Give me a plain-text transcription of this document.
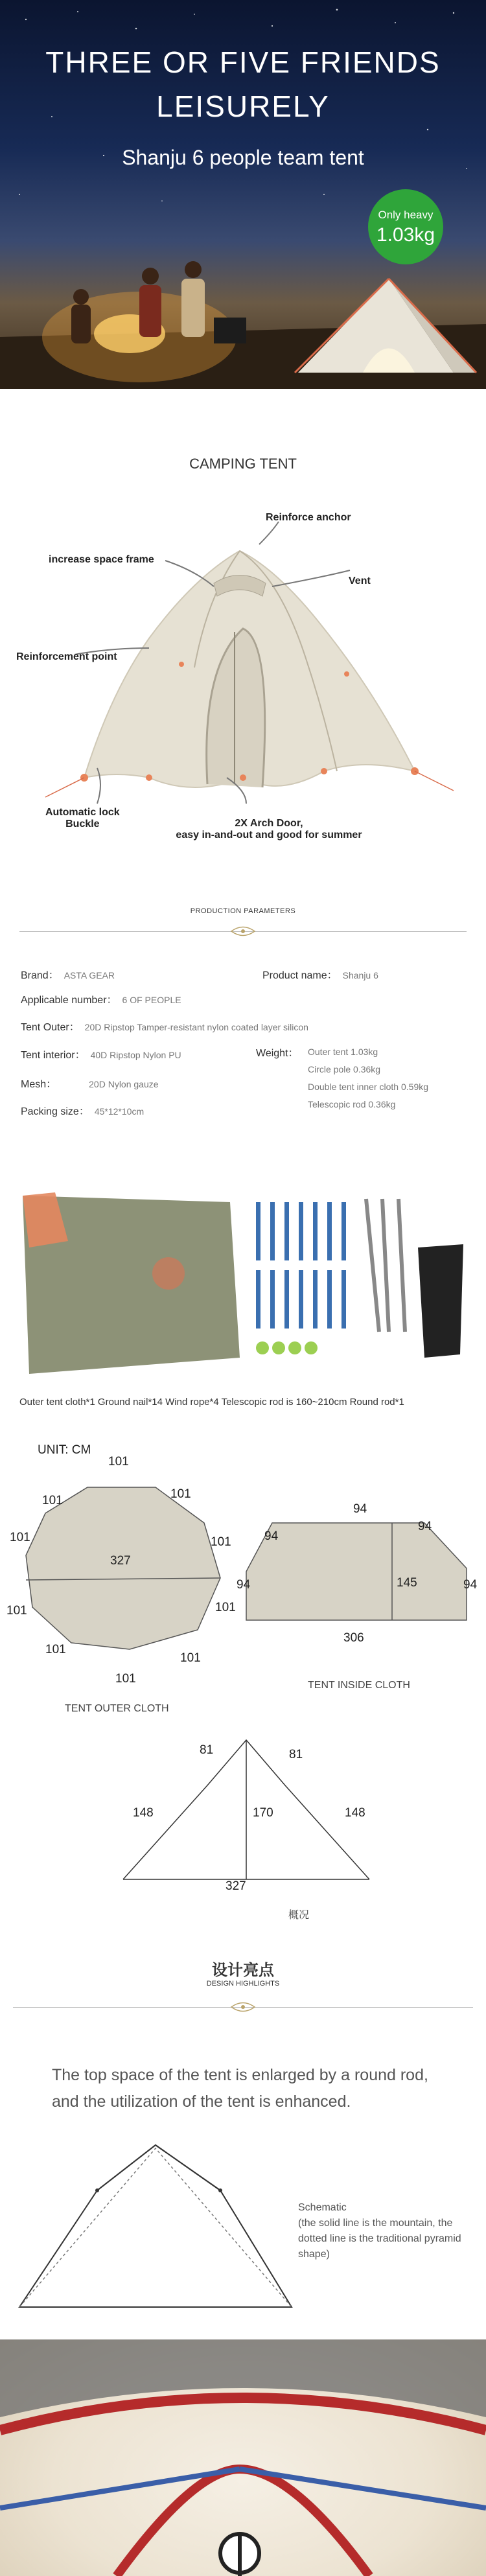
THREE OR FIVE FRIENDS
LEISURELY
Shanju 6 people team tent
Only heavy
1.03kg
CAMPING TENT
Reinforce anchor
increase space frame
Vent
Reinforcement point
Automatic lock
Buckle	2X Arch Door,
easy in-and-out and good for summer
PRODUCTION PARAMETERS
Brand： ASTA GEAR	Product name： Shanju 6
Applicable number： 6 OF PEOPLE
Tent Outer： 20D Ripstop Tamper-resistant nylon coated layer silicon
Tent interior： 40D Ripstop Nylon PU	Weight： Outer tent 1.03kg
Circle pole 0.36kg
Double tent inner cloth 0.59kg
Telescopic rod 0.36kg
Mesh：	20D Nylon gauze
Packing size： 45*12*10cm
Outer tent cloth*1 Ground nail*14 Wind rope*4 Telescopic rod is 160~210cm Round rod*1
UNIT: CM
101
101	101
101	101
327
101	101
101
101
101
TENT OUTER CLOTH
94
94
94
94	94
145
306
TENT INSIDE CLOTH
81	81
148	148
170
327
概况
设计亮点
DESIGN HIGHLIGHTS
The top space of the tent is enlarged by a round rod, and the utilization of the tent is enhanced.
Schematic
(the solid line is the mountain, the dotted line is the traditional pyramid shape)
